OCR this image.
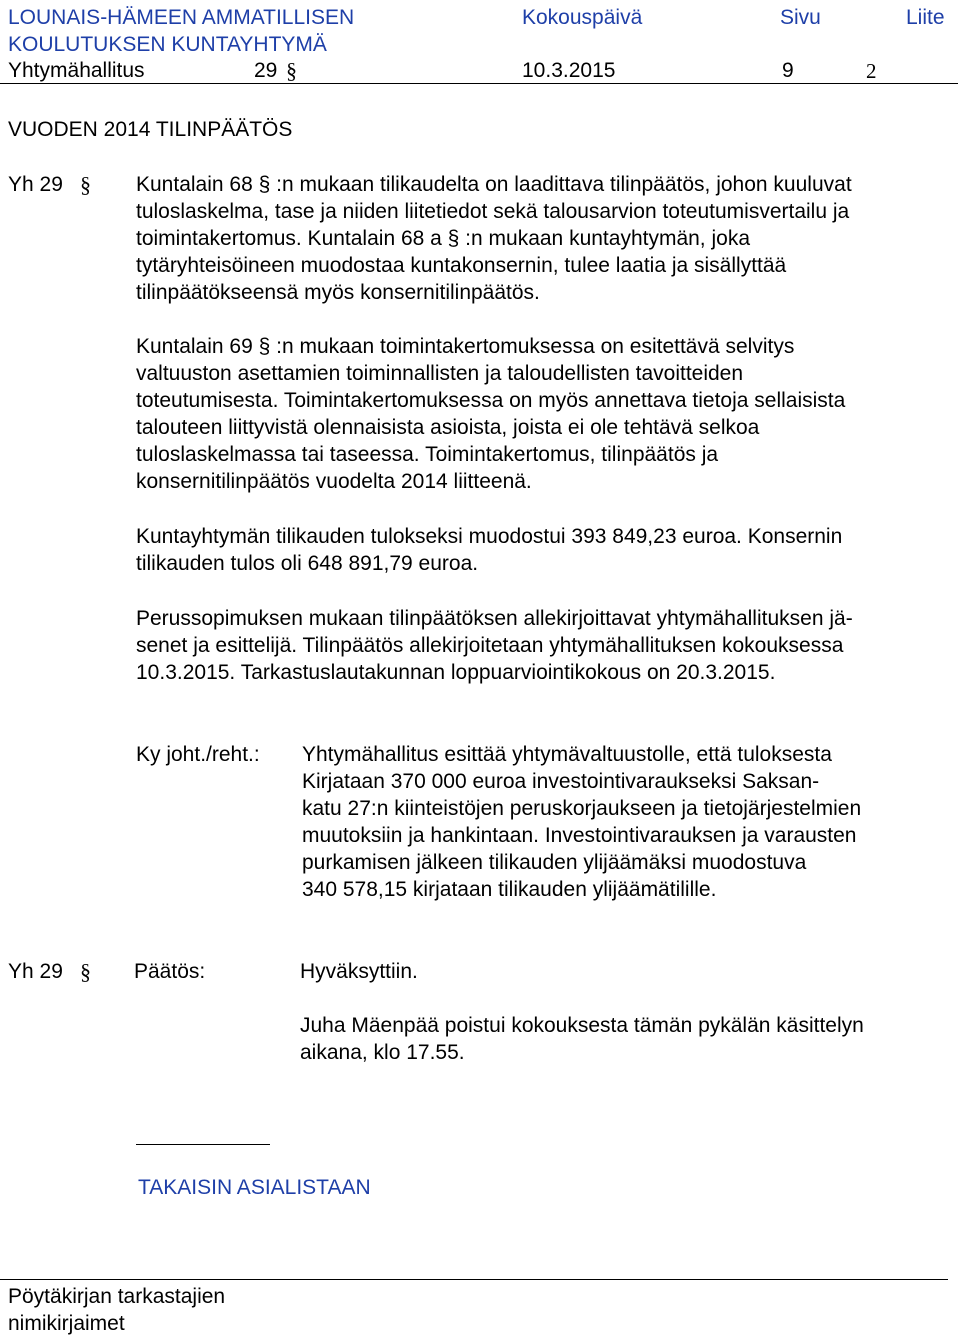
LOUNAIS-HÄMEEN AMMATILLISEN
KOULUTUKSEN KUNTAYHTYMÄ
Kokouspäivä	Sivu	Liite
Yhtymähallitus	29 §	10.3.2015	9	2
VUODEN 2014 TILINPÄÄTÖS
Yh 29 § Kuntalain 68 § :n mukaan tilikaudelta on laadittava tilinpäätös, johon kuuluvat
tuloslaskelma, tase ja niiden liitetiedot sekä talousarvion toteutumisvertailu ja
toimintakertomus. Kuntalain 68 a § :n mukaan kuntayhtymän, joka
tytäryhteisöineen muodostaa kuntakonsernin, tulee laatia ja sisällyttää
tilinpäätökseensä myös konsernitilinpäätös.
Kuntalain 69 § :n mukaan toimintakertomuksessa on esitettävä selvitys
valtuuston asettamien toiminnallisten ja taloudellisten tavoitteiden
toteutumisesta. Toimintakertomuksessa on myös annettava tietoja sellaisista
talouteen liittyvistä olennaisista asioista, joista ei ole tehtävä selkoa
tuloslaskelmassa tai taseessa. Toimintakertomus, tilinpäätös ja
konsernitilinpäätös vuodelta 2014 liitteenä.
Kuntayhtymän tilikauden tulokseksi muodostui 393 849,23 euroa. Konsernin
tilikauden tulos oli 648 891,79 euroa.
Perussopimuksen mukaan tilinpäätöksen allekirjoittavat yhtymähallituksen jä-
senet ja esittelijä. Tilinpäätös allekirjoitetaan yhtymähallituksen kokouksessa
10.3.2015. Tarkastuslautakunnan loppuarviointikokous on 20.3.2015.
Ky joht./reht.: Yhtymähallitus esittää yhtymävaltuustolle, että tuloksesta
Kirjataan 370 000 euroa investointivaraukseksi Saksan-
katu 27:n kiinteistöjen peruskorjaukseen ja tietojärjestelmien
muutoksiin ja hankintaan. Investointivarauksen ja varausten
purkamisen jälkeen tilikauden ylijäämäksi muodostuva
340 578,15 kirjataan tilikauden ylijäämätilille.
Yh 29 § Päätös:	Hyväksyttiin.
Juha Mäenpää poistui kokouksesta tämän pykälän käsittelyn
aikana, klo 17.55.
TAKAISIN ASIALISTAAN
Pöytäkirjan tarkastajien
nimikirjaimet
